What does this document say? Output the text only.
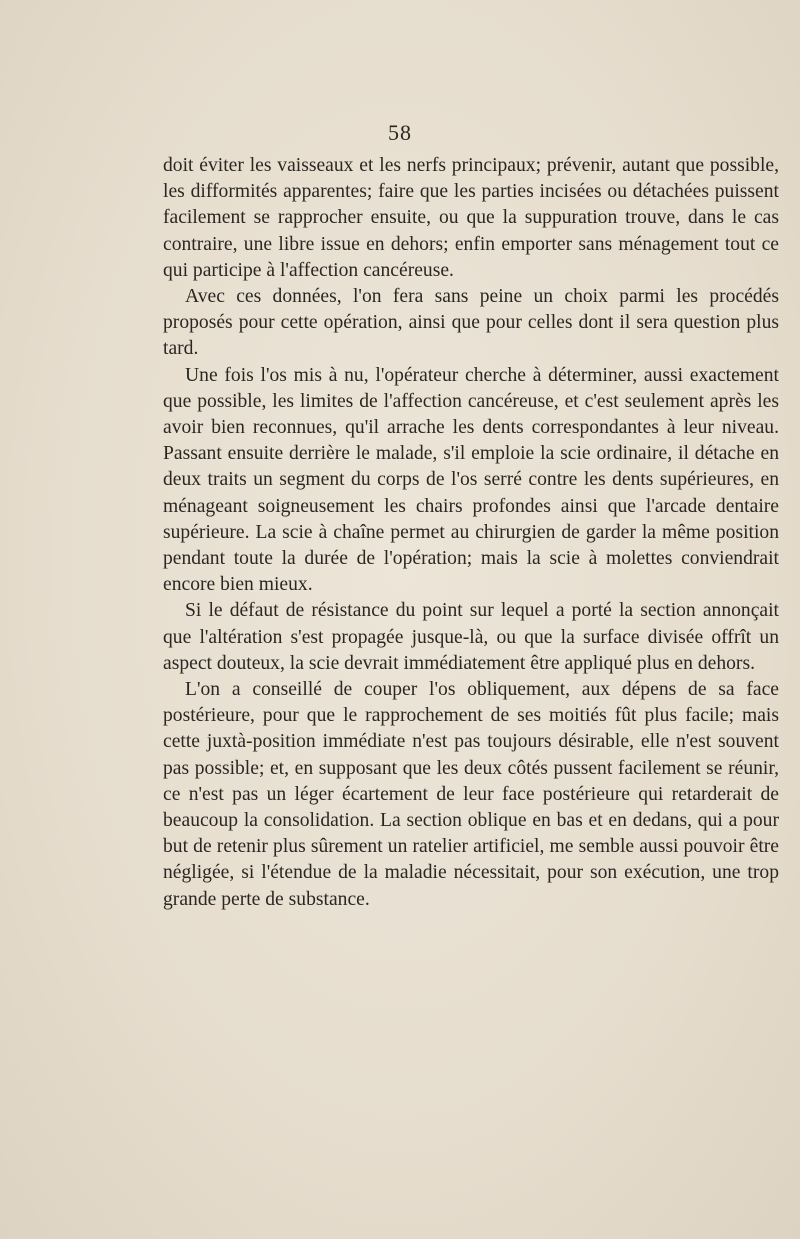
58

doit éviter les vaisseaux et les nerfs principaux; prévenir, autant que possible, les difformités apparentes; faire que les parties incisées ou détachées puissent facilement se rapprocher ensuite, ou que la suppuration trouve, dans le cas contraire, une libre issue en dehors; enfin emporter sans ménagement tout ce qui participe à l'affection cancéreuse.

Avec ces données, l'on fera sans peine un choix parmi les procédés proposés pour cette opération, ainsi que pour celles dont il sera question plus tard.

Une fois l'os mis à nu, l'opérateur cherche à déterminer, aussi exactement que possible, les limites de l'affection cancéreuse, et c'est seulement après les avoir bien reconnues, qu'il arrache les dents correspondantes à leur niveau. Passant ensuite derrière le malade, s'il emploie la scie ordinaire, il détache en deux traits un segment du corps de l'os serré contre les dents supérieures, en ménageant soigneusement les chairs profondes ainsi que l'arcade dentaire supérieure. La scie à chaîne permet au chirurgien de garder la même position pendant toute la durée de l'opération; mais la scie à molettes conviendrait encore bien mieux.

Si le défaut de résistance du point sur lequel a porté la section annonçait que l'altération s'est propagée jusque-là, ou que la surface divisée offrît un aspect douteux, la scie devrait immédiatement être appliqué plus en dehors.

L'on a conseillé de couper l'os obliquement, aux dépens de sa face postérieure, pour que le rapprochement de ses moitiés fût plus facile; mais cette juxtà-position immédiate n'est pas toujours désirable, elle n'est souvent pas possible; et, en supposant que les deux côtés pussent facilement se réunir, ce n'est pas un léger écartement de leur face postérieure qui retarderait de beaucoup la consolidation. La section oblique en bas et en dedans, qui a pour but de retenir plus sûrement un ratelier artificiel, me semble aussi pouvoir être négligée, si l'étendue de la maladie nécessitait, pour son exécution, une trop grande perte de substance.
